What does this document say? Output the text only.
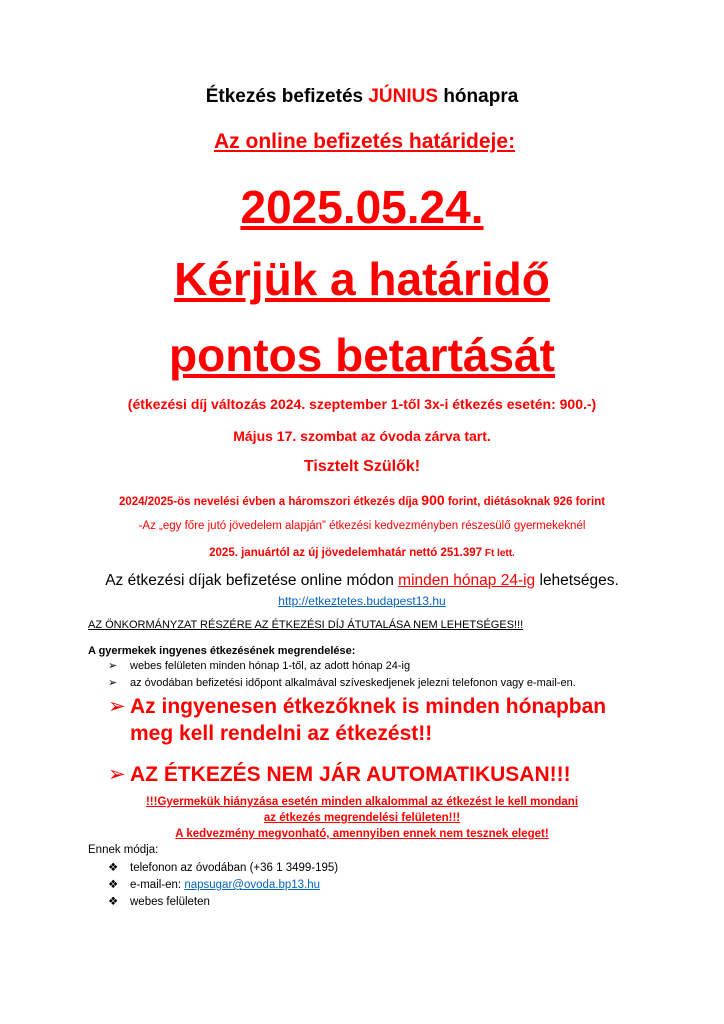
Étkezés befizetés JÚNIUS hónapra
Az online befizetés határideje:
2025.05.24.
Kérjük a határidő
pontos betartását
(étkezési díj változás 2024. szeptember 1-től 3x-i étkezés esetén: 900.-)
Május 17. szombat az óvoda zárva tart.
Tisztelt Szülők!
2024/2025-ös nevelési évben a háromszori étkezés díja 900 forint, diétásoknak 926 forint
-Az „egy főre jutó jövedelem alapján” étkezési kedvezményben részesülő gyermekeknél
2025. januártól az új jövedelemhatár nettó 251.397 Ft lett.
Az étkezési díjak befizetése online módon minden hónap 24-ig lehetséges.
http://etkeztetes.budapest13.hu
AZ ÖNKORMÁNYZAT RÉSZÉRE AZ ÉTKEZÉSI DÍJ ÁTUTALÁSA NEM LEHETSÉGES!!!
A gyermekek ingyenes étkezésének megrendelése:
➢ webes felületen minden hónap 1-től, az adott hónap 24-ig
➢ az óvodában befizetési időpont alkalmával szíveskedjenek jelezni telefonon vagy e-mail-en.
➢ Az ingyenesen étkezőknek is minden hónapban
meg kell rendelni az étkezést!!
➢ AZ ÉTKEZÉS NEM JÁR AUTOMATIKUSAN!!!
!!!Gyermekük hiányzása esetén minden alkalommal az étkezést le kell mondani
az étkezés megrendelési felületen!!!
A kedvezmény megvonható, amennyiben ennek nem tesznek eleget!
Ennek módja:
❖ telefonon az óvodában (+36 1 3499-195)
❖ e-mail-en: napsugar@ovoda.bp13.hu
❖ webes felületen
